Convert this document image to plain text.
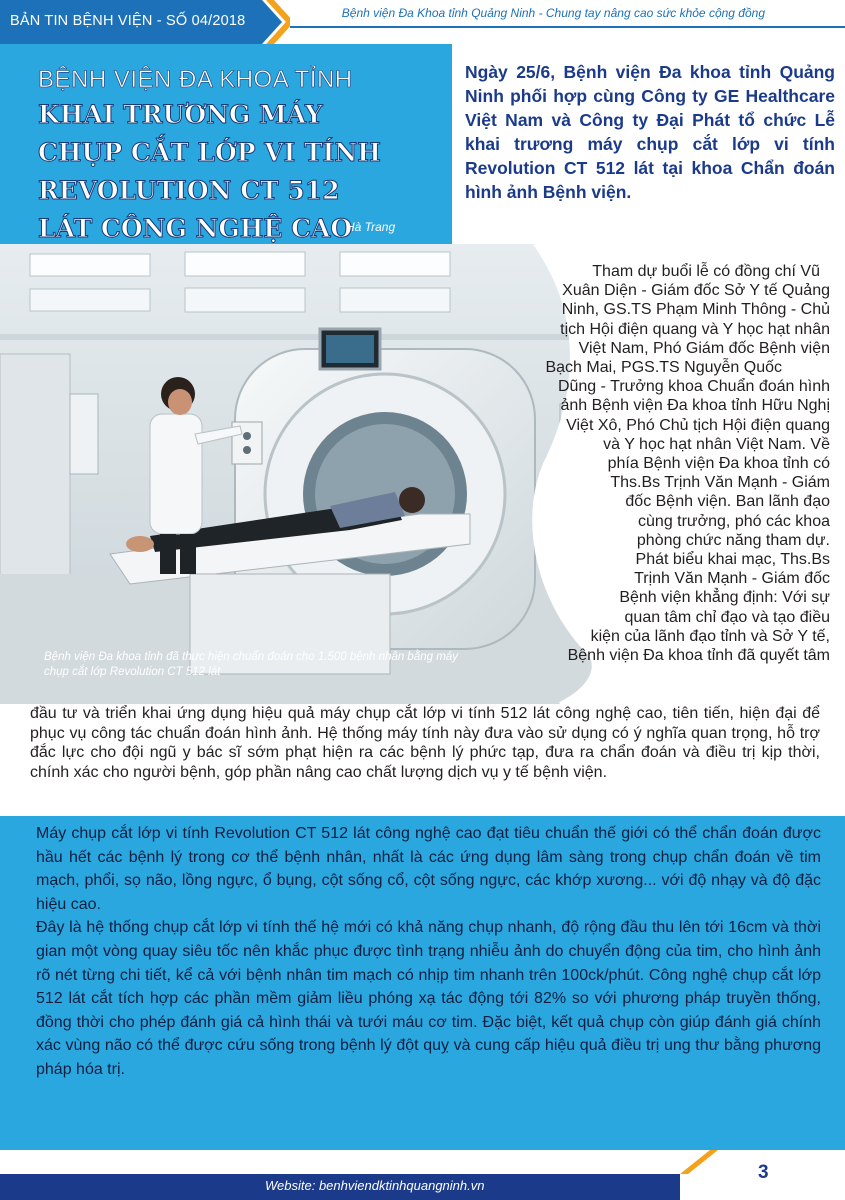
Bệnh viện Đa Khoa tỉnh Quảng Ninh - Chung tay nâng cao sức khỏe cộng đồng
BẢN TIN BỆNH VIỆN - SỐ 04/2018
BỆNH VIỆN ĐA KHOA TỈNH
KHAI TRƯƠNG MÁY CHỤP CẮT LỚP VI TÍNH REVOLUTION CT 512 LÁT CÔNG NGHỆ CAO
Hà Trang
Ngày 25/6, Bệnh viện Đa khoa tỉnh Quảng Ninh phối hợp cùng Công ty GE Healthcare Việt Nam và Công ty Đại Phát tổ chức Lễ khai trương máy chụp cắt lớp vi tính Revolution CT 512 lát tại khoa Chẩn đoán hình ảnh Bệnh viện.
Bệnh viện Đa khoa tỉnh đã thực hiện chuẩn đoán cho 1.500 bệnh nhân bằng máy chụp cắt lớp Revolution CT 512 lát
Tham dự buổi lễ có đồng chí Vũ
Xuân Diện - Giám đốc Sở Y tế Quảng
Ninh, GS.TS Phạm Minh Thông - Chủ
tịch Hội điện quang và Y học hạt nhân
Việt Nam, Phó Giám đốc Bệnh viện
Bạch Mai, PGS.TS Nguyễn Quốc
Dũng - Trưởng khoa Chuẩn đoán hình
ảnh Bệnh viện Đa khoa tỉnh Hữu Nghị
Việt Xô, Phó Chủ tịch Hội điện quang
và Y học hạt nhân Việt Nam. Về
phía Bệnh viện Đa khoa tỉnh có
Ths.Bs Trịnh Văn Mạnh - Giám
đốc Bệnh viện. Ban lãnh đạo
cùng trưởng, phó các khoa
phòng chức năng tham dự.
Phát biểu khai mạc, Ths.Bs
Trịnh Văn Mạnh - Giám đốc
Bệnh viện khẳng định: Với sự
quan tâm chỉ đạo và tạo điều
kiện của lãnh đạo tỉnh và Sở Y tế,
Bệnh viện Đa khoa tỉnh đã quyết tâm
đầu tư và triển khai ứng dụng hiệu quả máy chụp cắt lớp vi tính 512 lát công nghệ cao, tiên tiến, hiện đại để phục vụ công tác chuẩn đoán hình ảnh. Hệ thống máy tính này đưa vào sử dụng có ý nghĩa quan trọng, hỗ trợ đắc lực cho đội ngũ y bác sĩ sớm phạt hiện ra các bệnh lý phức tạp, đưa ra chẩn đoán và điều trị kịp thời, chính xác cho người bệnh, góp phần nâng cao chất lượng dịch vụ y tế bệnh viện.

Máy chụp cắt lớp vi tính Revolution CT 512 lát công nghệ cao đạt tiêu chuẩn thế giới có thể chẩn đoán được hầu hết các bệnh lý trong cơ thể bệnh nhân, nhất là các ứng dụng lâm sàng trong chụp chẩn đoán về tim mạch, phổi, sọ não, lồng ngực, ổ bụng, cột sống cổ, cột sống ngực, các khớp xương... với độ nhạy và độ đặc hiệu cao.

Đây là hệ thống chụp cắt lớp vi tính thế hệ mới có khả năng chụp nhanh, độ rộng đầu thu lên tới 16cm và thời gian một vòng quay siêu tốc nên khắc phục được tình trạng nhiễu ảnh do chuyển động của tim, cho hình ảnh rõ nét từng chi tiết, kể cả với bệnh nhân tim mạch có nhịp tim nhanh trên 100ck/phút. Công nghệ chụp cắt lớp 512 lát cắt tích hợp các phần mềm giảm liều phóng xạ tác động tới 82% so với phương pháp truyền thống, đồng thời cho phép đánh giá cả hình thái và tưới máu cơ tim. Đặc biệt, kết quả chụp còn giúp đánh giá chính xác vùng não có thể được cứu sống trong bệnh lý đột quỵ và cung cấp hiệu quả điều trị ung thư bằng phương pháp hóa trị.

Website: benhviendktinhquangninh.vn
3
